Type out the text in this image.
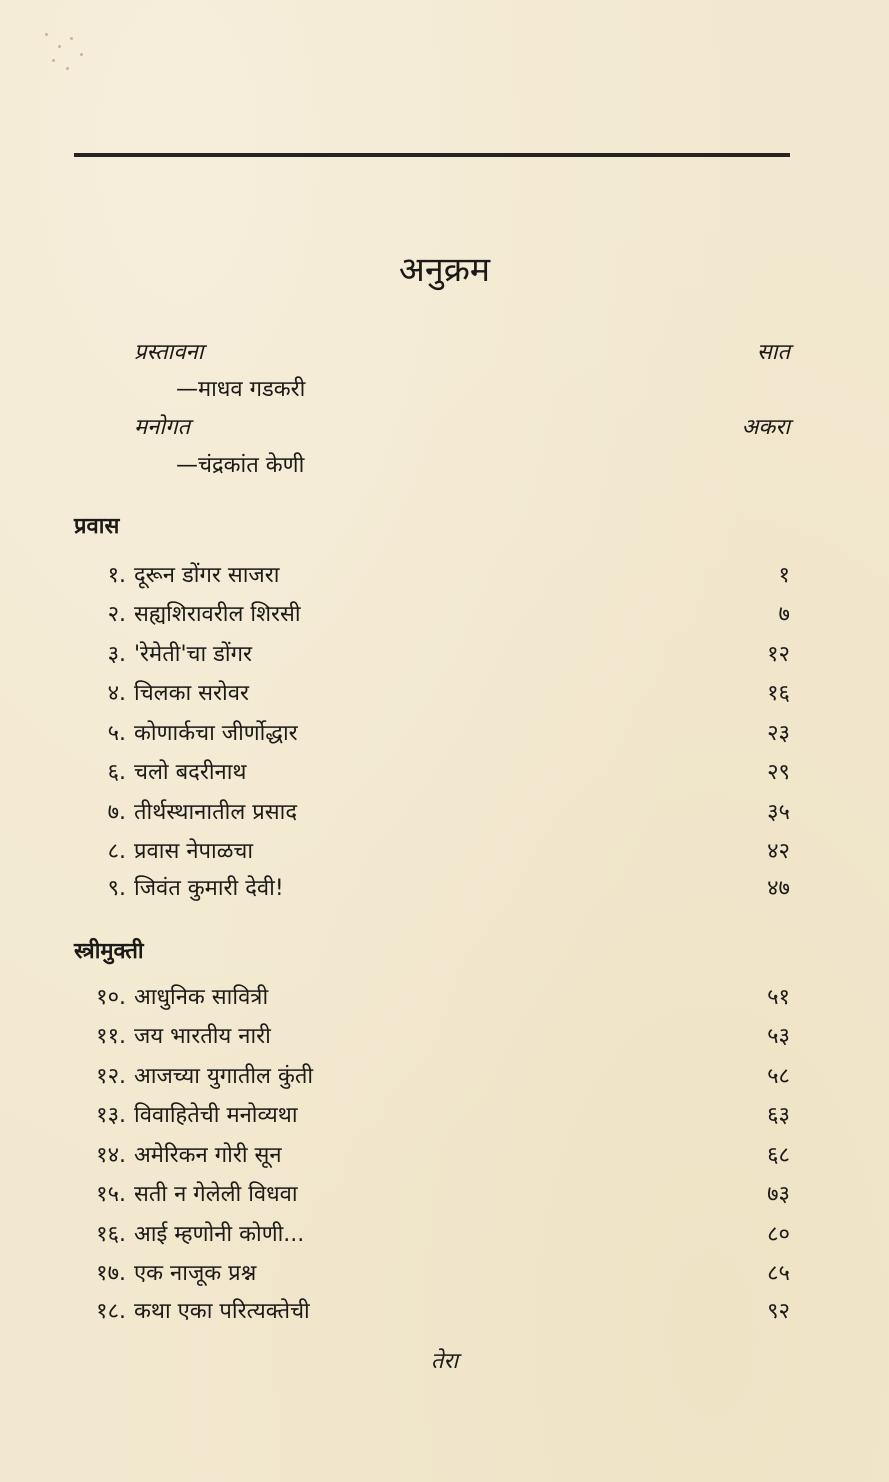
अनुक्रम
प्रस्तावना	सात
—माधव गडकरी
मनोगत	अकरा
—चंद्रकांत केणी
प्रवास
१. दूरून डोंगर साजरा	१
२. सह्यशिरावरील शिरसी	७
३. 'रेमेती'चा डोंगर	१२
४. चिलका सरोवर	१६
५. कोणार्कचा जीर्णोद्धार	२३
६. चलो बदरीनाथ	२९
७. तीर्थस्थानातील प्रसाद	३५
८. प्रवास नेपाळचा	४२
९. जिवंत कुमारी देवी!	४७
स्त्रीमुक्ती
१०. आधुनिक सावित्री	५१
११. जय भारतीय नारी	५३
१२. आजच्या युगातील कुंती	५८
१३. विवाहितेची मनोव्यथा	६३
१४. अमेरिकन गोरी सून	६८
१५. सती न गेलेली विधवा	७३
१६. आई म्हणोनी कोणी...	८०
१७. एक नाजूक प्रश्न	८५
१८. कथा एका परित्यक्तेची	९२
तेरा
